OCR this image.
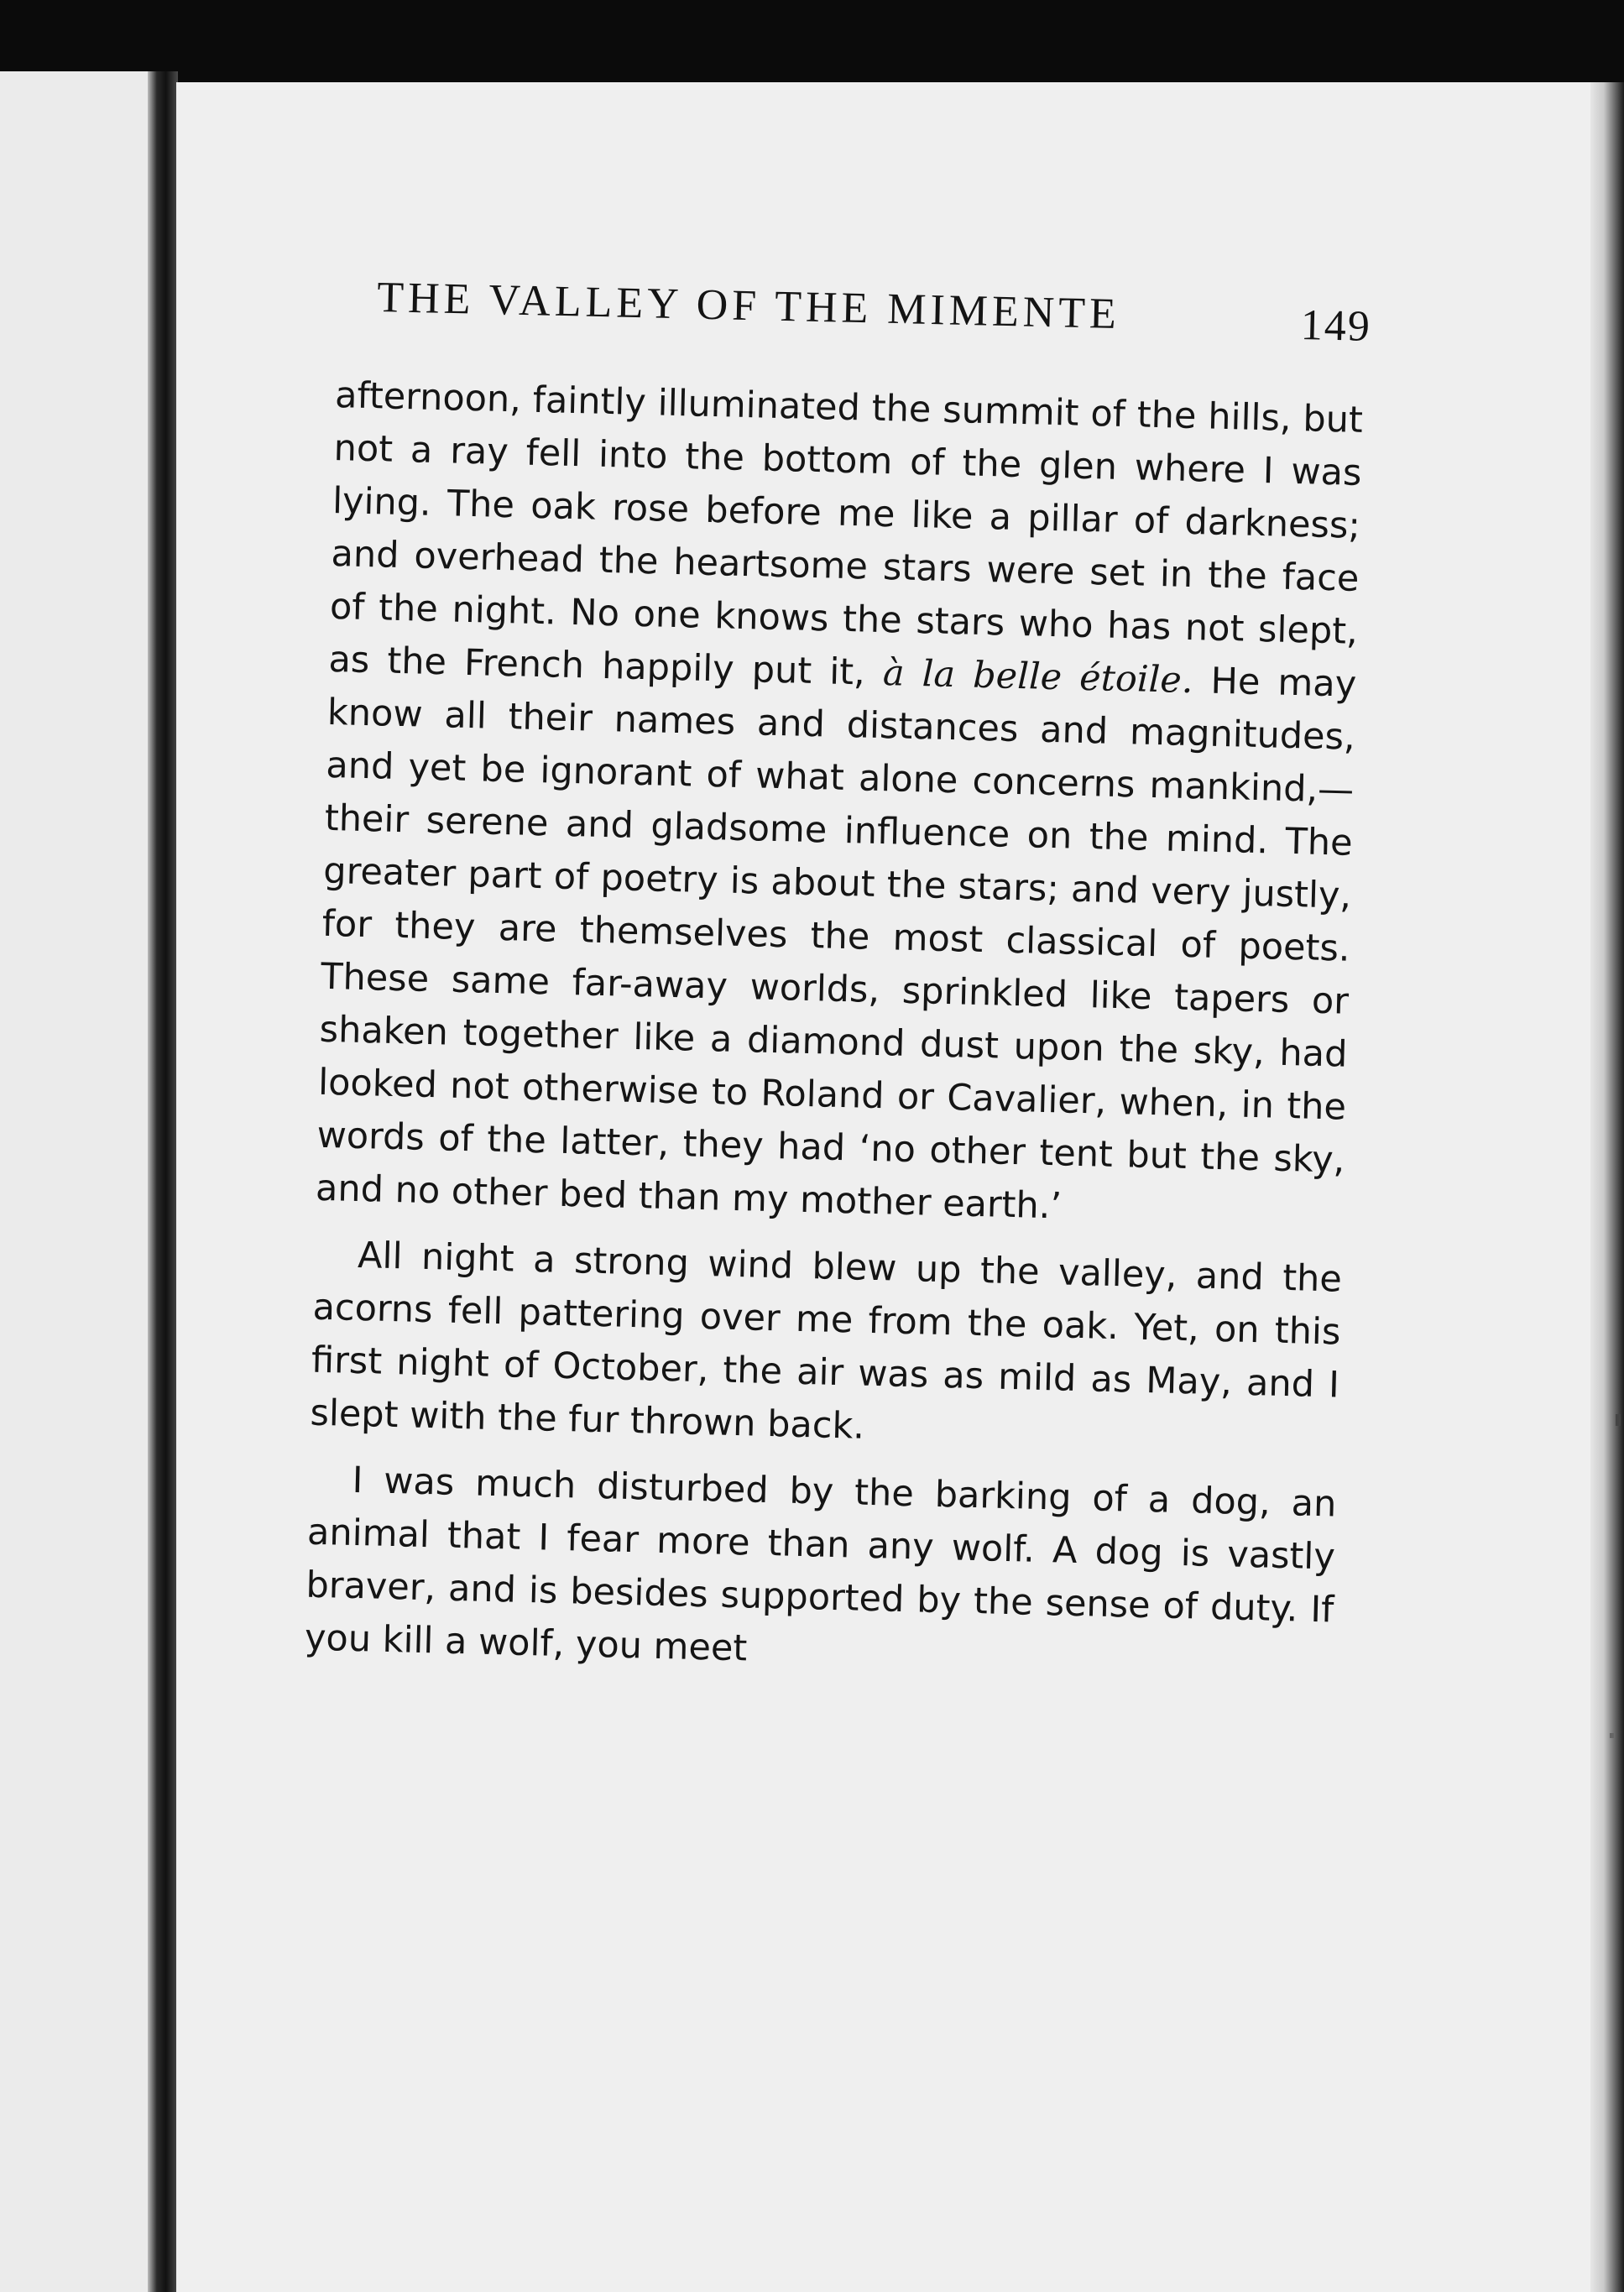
THE VALLEY OF THE MIMENTE	149

afternoon, faintly illuminated the summit of the hills, but not a ray fell into the bottom of the glen where I was lying. The oak rose before me like a pillar of darkness; and overhead the heartsome stars were set in the face of the night. No one knows the stars who has not slept, as the French happily put it, à la belle étoile. He may know all their names and distances and magnitudes, and yet be ignorant of what alone concerns mankind,—their serene and gladsome influence on the mind. The greater part of poetry is about the stars; and very justly, for they are themselves the most classical of poets. These same far-away worlds, sprinkled like tapers or shaken together like a diamond dust upon the sky, had looked not otherwise to Roland or Cavalier, when, in the words of the latter, they had ‘no other tent but the sky, and no other bed than my mother earth.’

All night a strong wind blew up the valley, and the acorns fell pattering over me from the oak. Yet, on this first night of October, the air was as mild as May, and I slept with the fur thrown back.

I was much disturbed by the barking of a dog, an animal that I fear more than any wolf. A dog is vastly braver, and is besides supported by the sense of duty. If you kill a wolf, you meet
